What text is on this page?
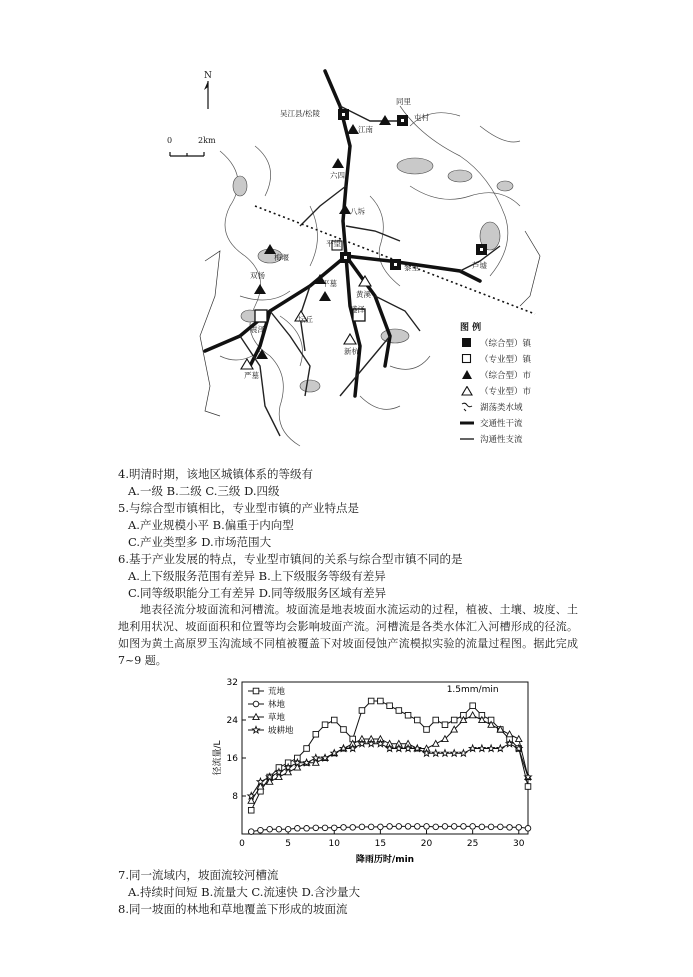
N
0	2km
吴江县/松陵
同里
屯村
江南
六四
八坼
平望
黎里	芦墟
梅堰
双杨
盛泽
坛丘
震泽
黄溪
新杭
严墓
平墓
图 例
（综合型）镇
（专业型）镇
（综合型）市
（专业型）市
湖荡类水域
交通性干流
沟通性支流
4.明清时期，该地区城镇体系的等级有
A.一级 B.二级 C.三级 D.四级
5.与综合型市镇相比，专业型市镇的产业特点是
A.产业规模小平 B.偏重于内向型
C.产业类型多 D.市场范围大
6.基于产业发展的特点，专业型市镇间的关系与综合型市镇不同的是
A.上下级服务范围有差异 B.上下级服务等级有差异
C.同等级职能分工有差异 D.同等级服务区域有差异
地表径流分坡面流和河槽流。坡面流是地表坡面水流运动的过程，植被、土壤、坡度、土地利用状况、坡面面积和位置等均会影响坡面产流。河槽流是各类水体汇入河槽形成的径流。如图为黄土高原罗玉沟流域不同植被覆盖下对坡面侵蚀产流模拟实验的流量过程图。据此完成 7~9 题。
0	5	10	15	20	25	30
8
16
24
32
降雨历时/min
径流量/L
1.5mm/min
荒地
林地
草地
坡耕地
7.同一流域内，坡面流较河槽流
A.持续时间短 B.流量大 C.流速快 D.含沙量大
8.同一坡面的林地和草地覆盖下形成的坡面流
